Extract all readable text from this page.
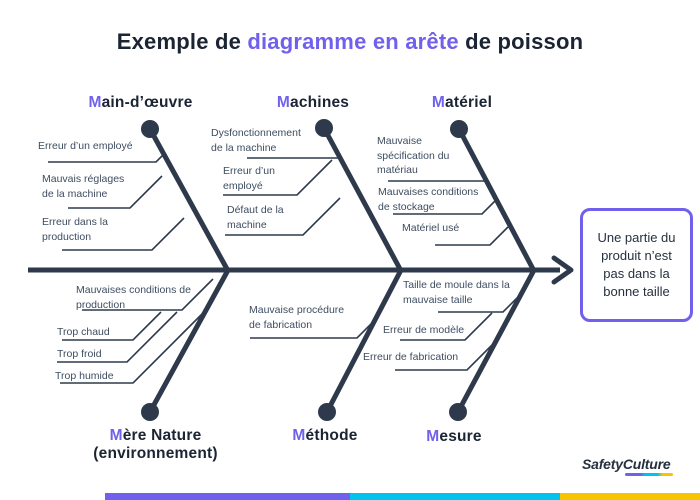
Exemple de diagramme en arête de poisson
Main-d’œuvre	Machines	Matériel
Mère Nature
(environnement)
Méthode	Mesure
Erreur d’un employé
Mauvais réglages de la machine
Erreur dans la production
Dysfonctionnement de la machine
Erreur d’un employé
Défaut de la machine
Mauvaise spécification du matériau
Mauvaises conditions de stockage
Matériel usé
Mauvaises conditions de production
Trop chaud
Trop froid
Trop humide
Mauvaise procédure de fabrication
Taille de moule dans la mauvaise taille
Erreur de modèle
Erreur de fabrication
Une partie du produit n’est pas dans la bonne taille
SafetyCulture
